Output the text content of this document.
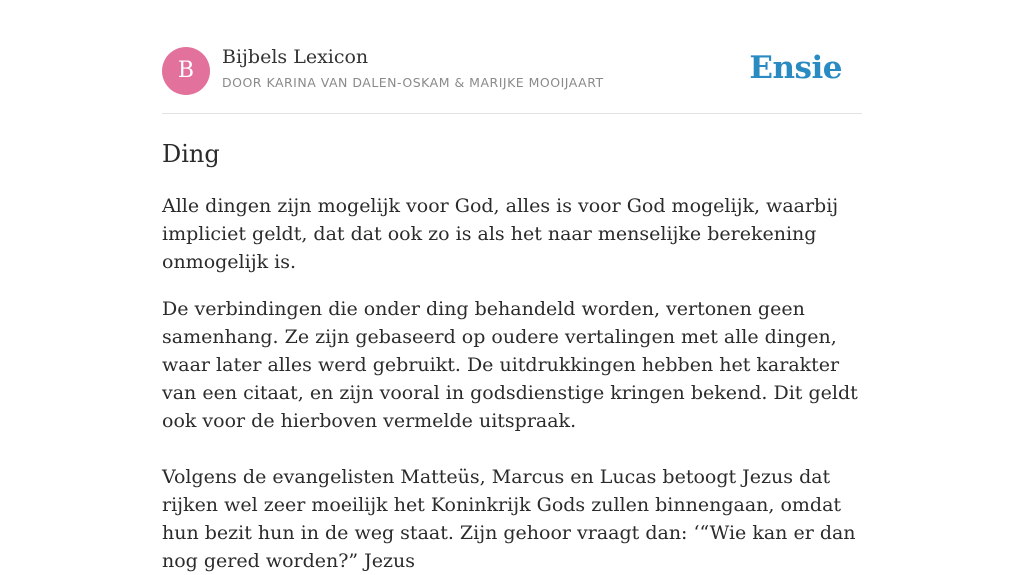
B
Bijbels Lexicon
DOOR KARINA VAN DALEN-OSKAM & MARIJKE MOOIJAART	Ensie
Ding

Alle dingen zijn mogelijk voor God, alles is voor God mogelijk, waarbij impliciet geldt, dat dat ook zo is als het naar menselijke berekening onmogelijk is.

De verbindingen die onder ding behandeld worden, vertonen geen samenhang. Ze zijn gebaseerd op oudere vertalingen met alle dingen, waar later alles werd gebruikt. De uitdrukkingen hebben het karakter van een citaat, en zijn vooral in godsdienstige kringen bekend. Dit geldt ook voor de hierboven vermelde uitspraak.

Volgens de evangelisten Matteüs, Marcus en Lucas betoogt Jezus dat rijken wel zeer moeilijk het Koninkrijk Gods zullen binnengaan, omdat hun bezit hun in de weg staat. Zijn gehoor vraagt dan: ‘“Wie kan er dan nog gered worden?” Jezus
